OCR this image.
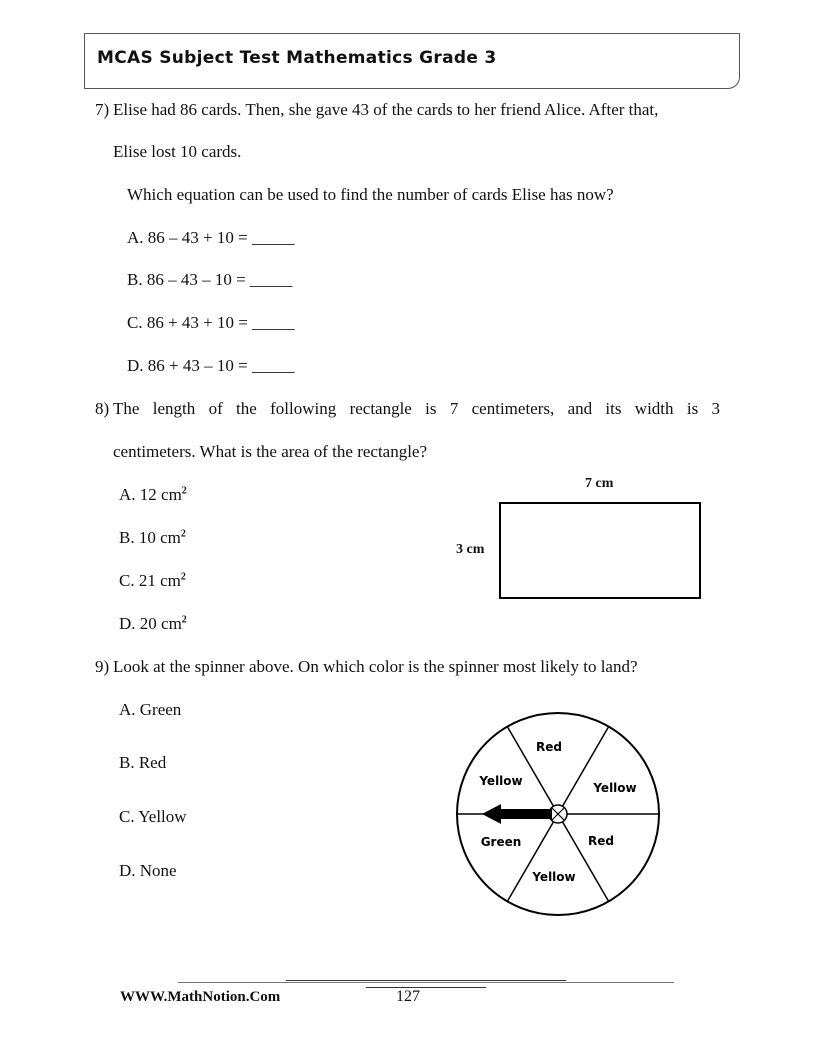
MCAS Subject Test Mathematics Grade 3
7) Elise had 86 cards. Then, she gave 43 of the cards to her friend Alice. After that,
Elise lost 10 cards.
Which equation can be used to find the number of cards Elise has now?
A. 86 – 43 + 10 = _____
B. 86 – 43 – 10 = _____
C. 86 + 43 + 10 = _____
D. 86 + 43 – 10 = _____
8) The length of the following rectangle is 7 centimeters, and its width is 3
centimeters. What is the area of the rectangle?
A. 12 $cm^2$
B. 10 $cm^2$
C. 21 $cm^2$
D. 20 $cm^2$
7 cm
3 cm
9) Look at the spinner above. On which color is the spinner most likely to land?
A. Green
B. Red
C. Yellow
D. None
Red
Yellow
Red
Yellow
Green
Yellow
WWW.MathNotion.Com	127
